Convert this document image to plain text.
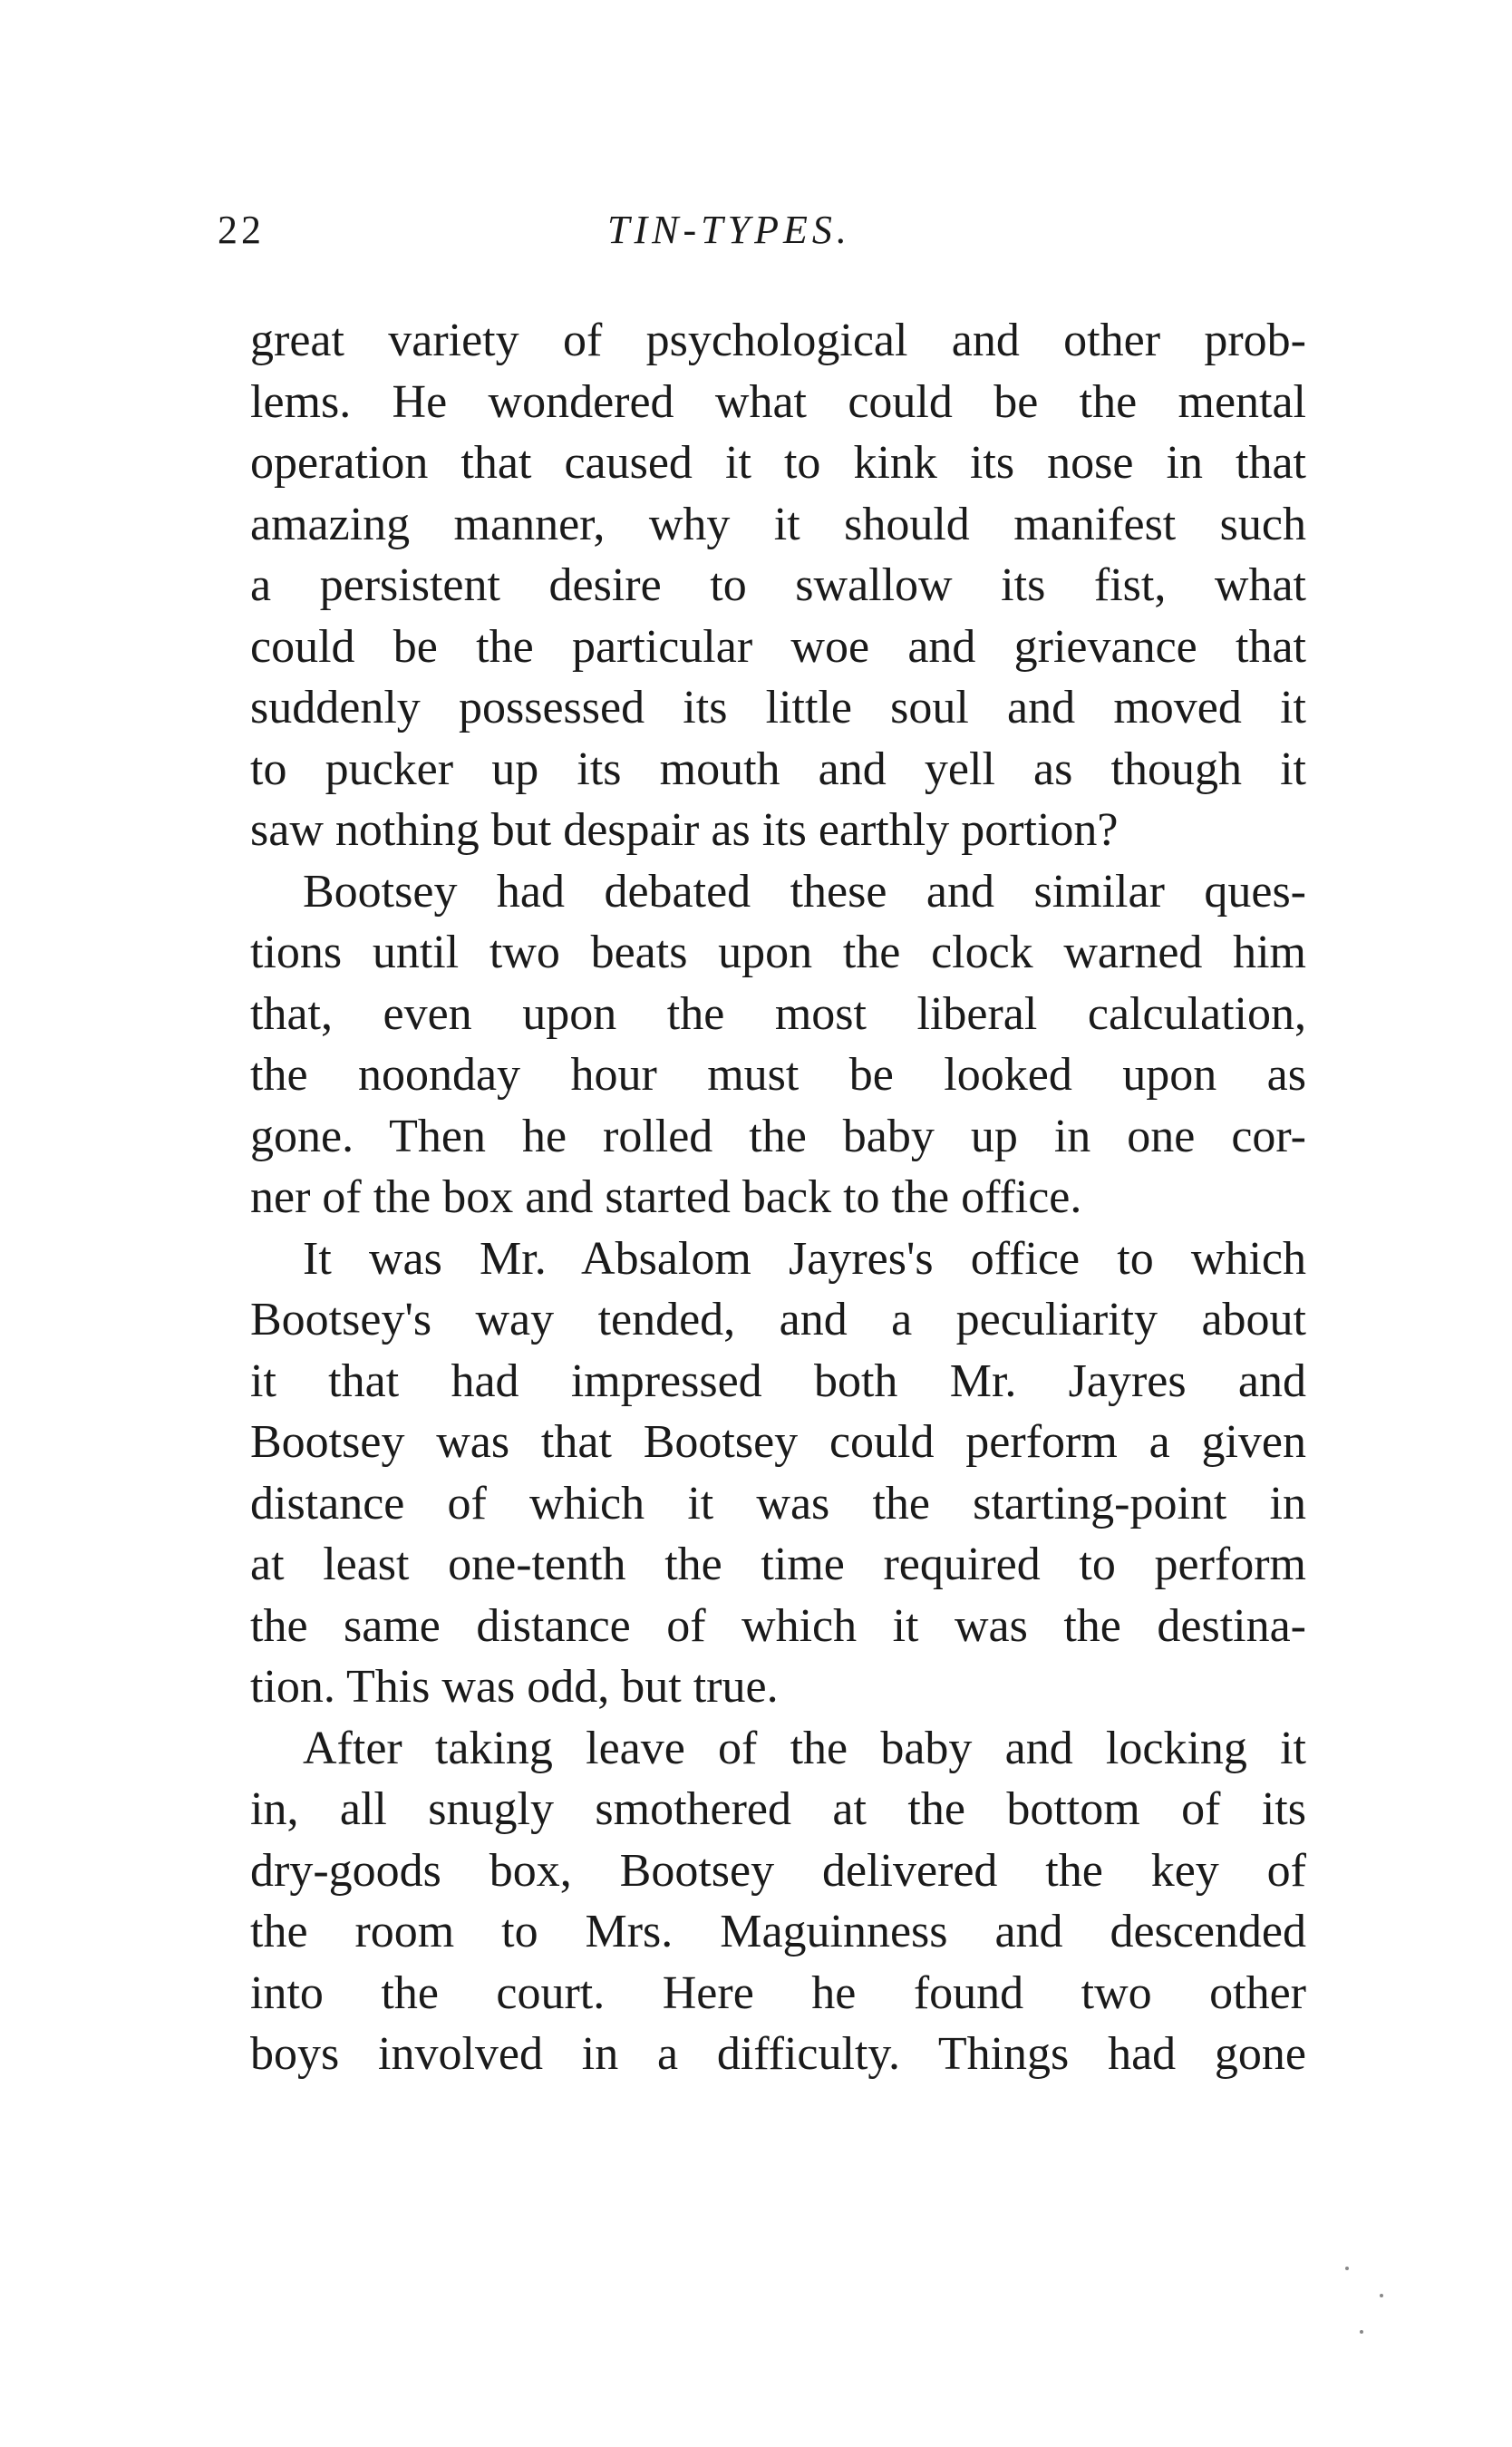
22	TIN-TYPES.
great variety of psychological and other prob-
lems. He wondered what could be the mental
operation that caused it to kink its nose in that
amazing manner, why it should manifest such
a persistent desire to swallow its fist, what
could be the particular woe and grievance that
suddenly possessed its little soul and moved it
to pucker up its mouth and yell as though it
saw nothing but despair as its earthly portion?
Bootsey had debated these and similar ques-
tions until two beats upon the clock warned him
that, even upon the most liberal calculation,
the noonday hour must be looked upon as
gone. Then he rolled the baby up in one cor-
ner of the box and started back to the office.
It was Mr. Absalom Jayres's office to which
Bootsey's way tended, and a peculiarity about
it that had impressed both Mr. Jayres and
Bootsey was that Bootsey could perform a given
distance of which it was the starting-point in
at least one-tenth the time required to perform
the same distance of which it was the destina-
tion. This was odd, but true.
After taking leave of the baby and locking it
in, all snugly smothered at the bottom of its
dry-goods box, Bootsey delivered the key of
the room to Mrs. Maguinness and descended
into the court. Here he found two other
boys involved in a difficulty. Things had gone
